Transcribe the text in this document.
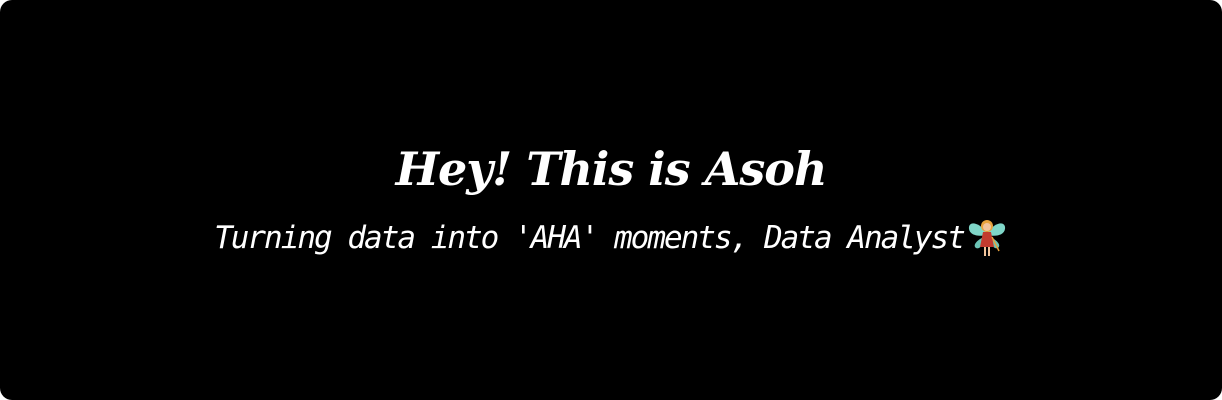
Hey! This is Asoh
Turning data into 'AHA' moments, Data Analyst
